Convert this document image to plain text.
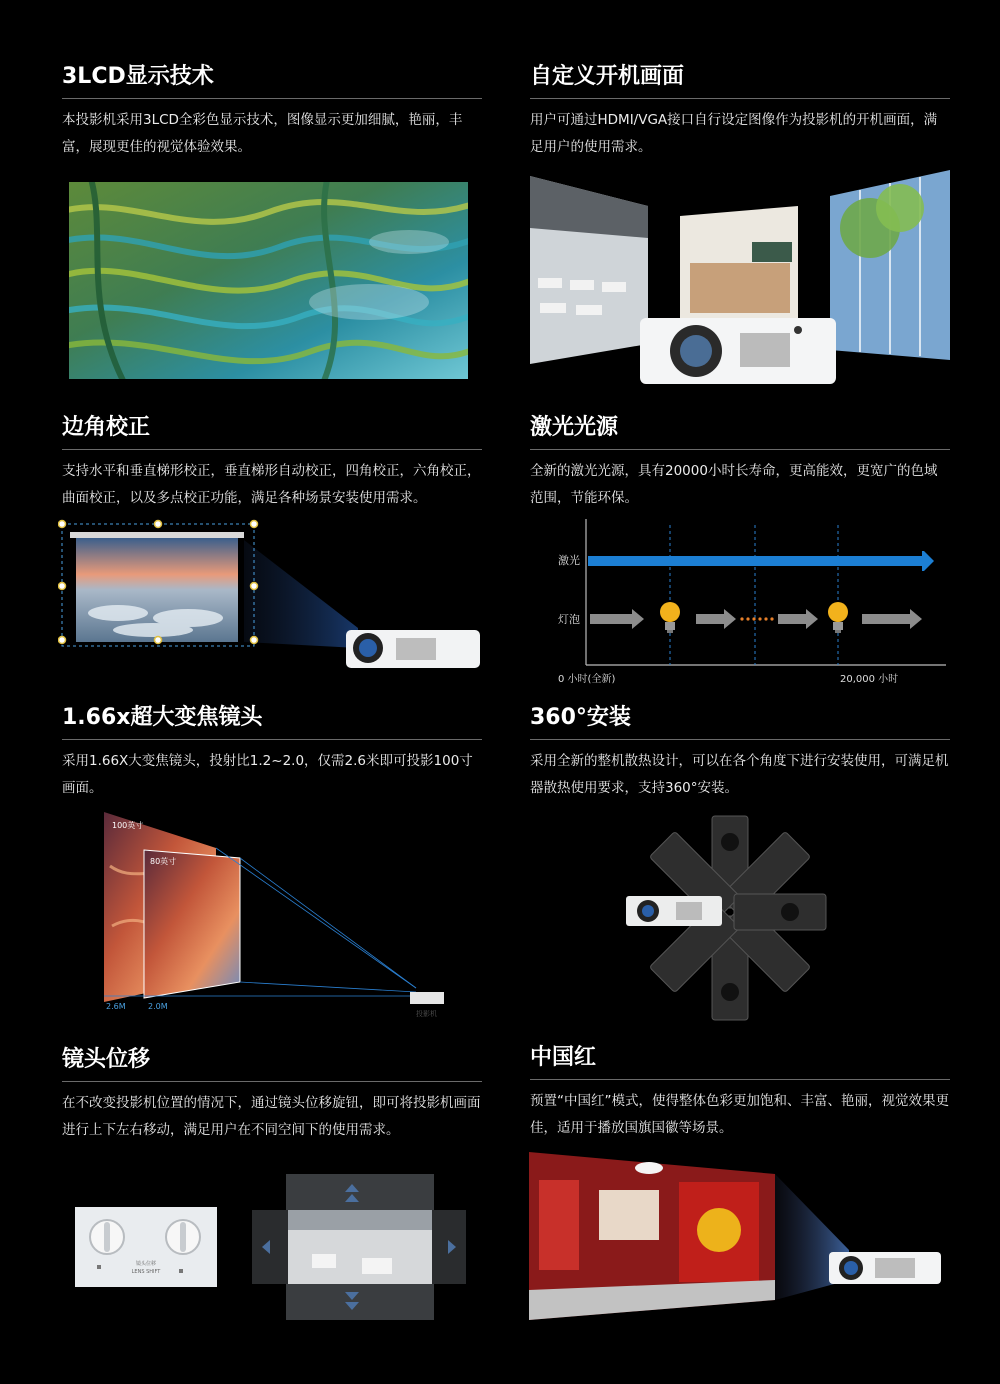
3LCD显示技术

本投影机采用3LCD全彩色显示技术，图像显示更加细腻，艳丽，丰富，展现更佳的视觉体验效果。

自定义开机画面

用户可通过HDMI/VGA接口自行设定图像作为投影机的开机画面，满足用户的使用需求。

边角校正

支持水平和垂直梯形校正，垂直梯形自动校正，四角校正，六角校正，曲面校正，以及多点校正功能，满足各种场景安装使用需求。

激光光源

全新的激光光源，具有20000小时长寿命，更高能效，更宽广的色域范围，节能环保。

激光
灯泡
0 小时(全新)	20,000 小时
1.66x超大变焦镜头

采用1.66X大变焦镜头，投射比1.2~2.0，仅需2.6米即可投影100寸画面。

100英寸
80英寸
2.6M	2.0M
投影机
360°安装

采用全新的整机散热设计，可以在各个角度下进行安装使用，可满足机器散热使用要求，支持360°安装。

镜头位移

在不改变投影机位置的情况下，通过镜头位移旋钮，即可将投影机画面进行上下左右移动，满足用户在不同空间下的使用需求。

镜头位移
LENS SHIFT
中国红

预置“中国红”模式，使得整体色彩更加饱和、丰富、艳丽，视觉效果更佳，适用于播放国旗国徽等场景。
